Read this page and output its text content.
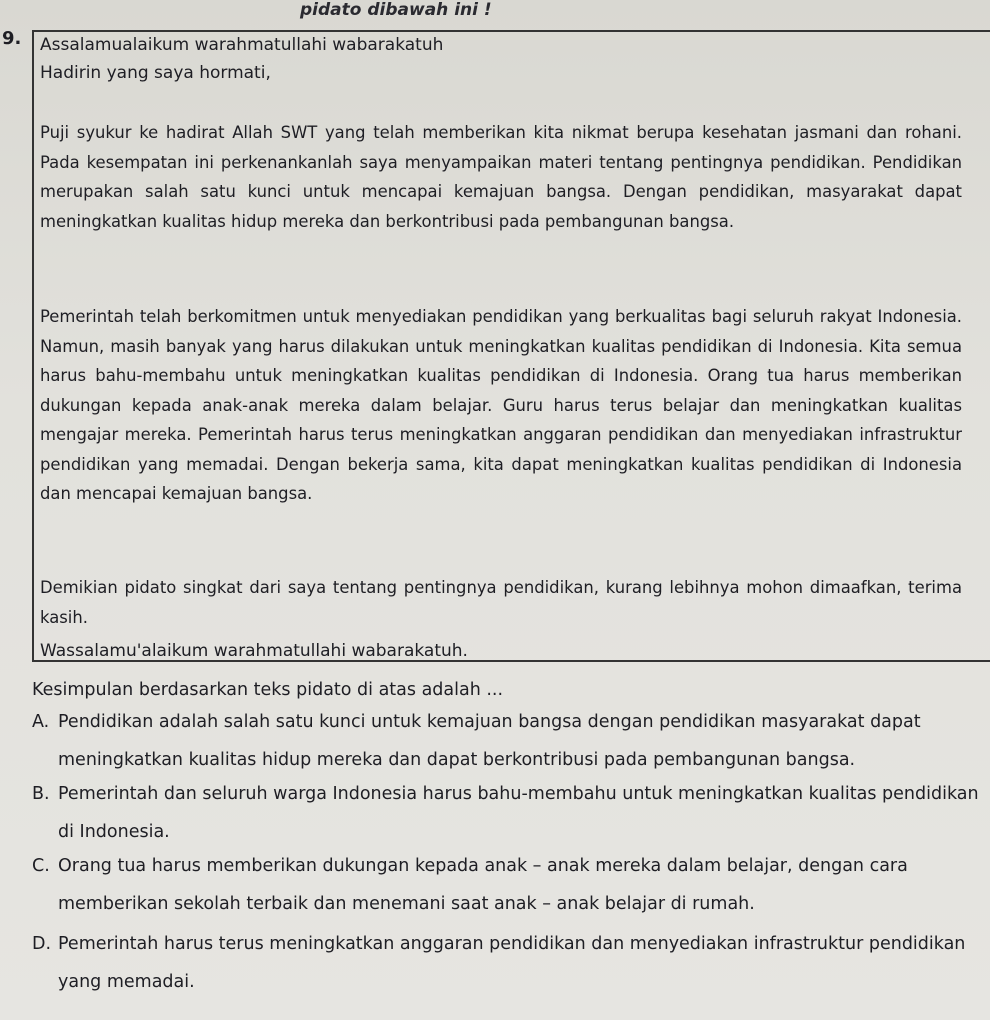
pidato dibawah ini !
9. Assalamualaikum warahmatullahi wabarakatuh
Hadirin yang saya hormati,
Puji syukur ke hadirat Allah SWT yang telah memberikan kita nikmat berupa kesehatan jasmani dan rohani. Pada kesempatan ini perkenankanlah saya menyampaikan materi tentang pentingnya pendidikan. Pendidikan merupakan salah satu kunci untuk mencapai kemajuan bangsa. Dengan pendidikan, masyarakat dapat meningkatkan kualitas hidup mereka dan berkontribusi pada pembangunan bangsa.
Pemerintah telah berkomitmen untuk menyediakan pendidikan yang berkualitas bagi seluruh rakyat Indonesia. Namun, masih banyak yang harus dilakukan untuk meningkatkan kualitas pendidikan di Indonesia. Kita semua harus bahu-membahu untuk meningkatkan kualitas pendidikan di Indonesia. Orang tua harus memberikan dukungan kepada anak-anak mereka dalam belajar. Guru harus terus belajar dan meningkatkan kualitas mengajar mereka. Pemerintah harus terus meningkatkan anggaran pendidikan dan menyediakan infrastruktur pendidikan yang memadai. Dengan bekerja sama, kita dapat meningkatkan kualitas pendidikan di Indonesia dan mencapai kemajuan bangsa.
Demikian pidato singkat dari saya tentang pentingnya pendidikan, kurang lebihnya mohon dimaafkan, terima kasih.
Wassalamu'alaikum warahmatullahi wabarakatuh.
Kesimpulan berdasarkan teks pidato di atas adalah ...
A. Pendidikan adalah salah satu kunci untuk kemajuan bangsa dengan pendidikan masyarakat dapat meningkatkan kualitas hidup mereka dan dapat berkontribusi pada pembangunan bangsa.
B. Pemerintah dan seluruh warga Indonesia harus bahu-membahu untuk meningkatkan kualitas pendidikan di Indonesia.
C. Orang tua harus memberikan dukungan kepada anak – anak mereka dalam belajar, dengan cara memberikan sekolah terbaik dan menemani saat anak – anak belajar di rumah.
D. Pemerintah harus terus meningkatkan anggaran pendidikan dan menyediakan infrastruktur pendidikan yang memadai.
